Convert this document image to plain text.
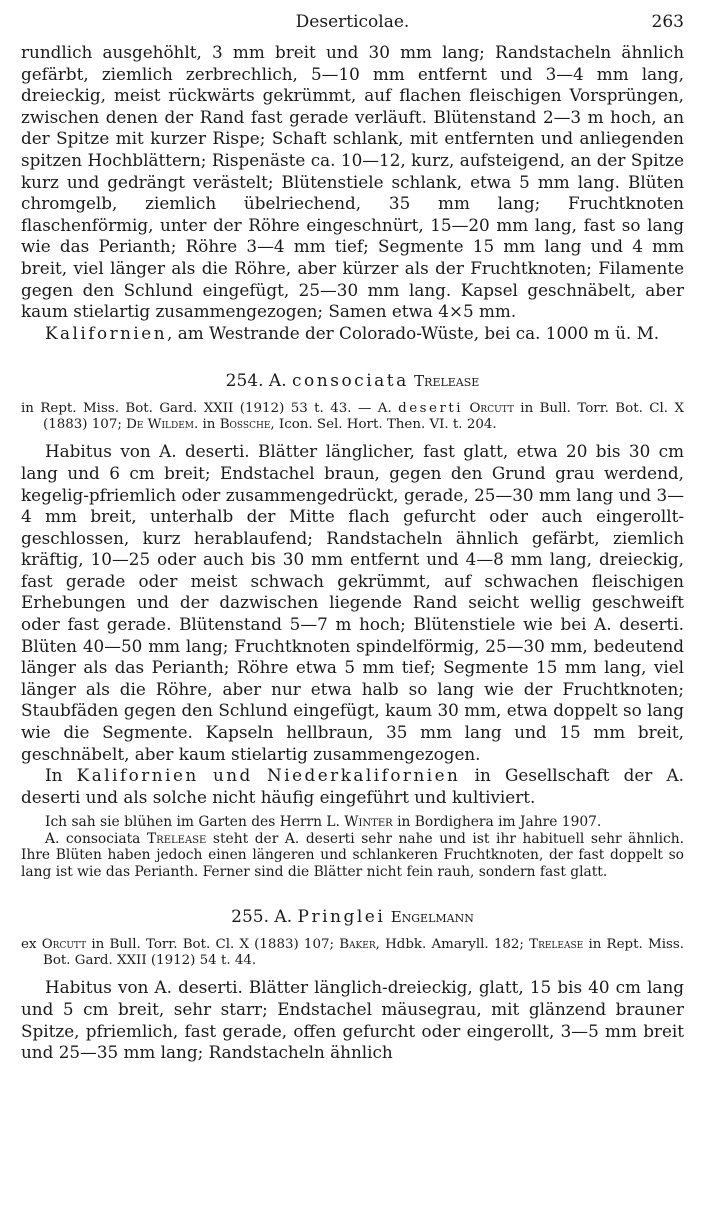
Deserticolae.	263

rundlich ausgehöhlt, 3 mm breit und 30 mm lang; Randstacheln ähnlich gefärbt, ziemlich zerbrechlich, 5—10 mm entfernt und 3—4 mm lang, dreieckig, meist rückwärts gekrümmt, auf flachen fleischigen Vorsprüngen, zwischen denen der Rand fast gerade verläuft. Blütenstand 2—3 m hoch, an der Spitze mit kurzer Rispe; Schaft schlank, mit entfernten und anliegenden spitzen Hochblättern; Rispenäste ca. 10—12, kurz, aufsteigend, an der Spitze kurz und gedrängt verästelt; Blütenstiele schlank, etwa 5 mm lang. Blüten chromgelb, ziemlich übelriechend, 35 mm lang; Fruchtknoten flaschenförmig, unter der Röhre eingeschnürt, 15—20 mm lang, fast so lang wie das Perianth; Röhre 3—4 mm tief; Segmente 15 mm lang und 4 mm breit, viel länger als die Röhre, aber kürzer als der Fruchtknoten; Filamente gegen den Schlund eingefügt, 25—30 mm lang. Kapsel geschnäbelt, aber kaum stielartig zusammengezogen; Samen etwa 4×5 mm.

Kalifornien, am Westrande der Colorado-Wüste, bei ca. 1000 m ü. M.

254. A. consociata Trelease

in Rept. Miss. Bot. Gard. XXII (1912) 53 t. 43. — A. deserti Orcutt in Bull. Torr. Bot. Cl. X (1883) 107; De Wildem. in Bossche, Icon. Sel. Hort. Then. VI. t. 204.

Habitus von A. deserti. Blätter länglicher, fast glatt, etwa 20 bis 30 cm lang und 6 cm breit; Endstachel braun, gegen den Grund grau werdend, kegelig-pfriemlich oder zusammengedrückt, gerade, 25—30 mm lang und 3—4 mm breit, unterhalb der Mitte flach gefurcht oder auch eingerollt-geschlossen, kurz herablaufend; Randstacheln ähnlich gefärbt, ziemlich kräftig, 10—25 oder auch bis 30 mm entfernt und 4—8 mm lang, dreieckig, fast gerade oder meist schwach gekrümmt, auf schwachen fleischigen Erhebungen und der dazwischen liegende Rand seicht wellig geschweift oder fast gerade. Blütenstand 5—7 m hoch; Blütenstiele wie bei A. deserti. Blüten 40—50 mm lang; Fruchtknoten spindelförmig, 25—30 mm, bedeutend länger als das Perianth; Röhre etwa 5 mm tief; Segmente 15 mm lang, viel länger als die Röhre, aber nur etwa halb so lang wie der Fruchtknoten; Staubfäden gegen den Schlund eingefügt, kaum 30 mm, etwa doppelt so lang wie die Segmente. Kapseln hellbraun, 35 mm lang und 15 mm breit, geschnäbelt, aber kaum stielartig zusammengezogen.

In Kalifornien und Niederkalifornien in Gesellschaft der A. deserti und als solche nicht häufig eingeführt und kultiviert.

Ich sah sie blühen im Garten des Herrn L. Winter in Bordighera im Jahre 1907.

A. consociata Trelease steht der A. deserti sehr nahe und ist ihr habituell sehr ähnlich. Ihre Blüten haben jedoch einen längeren und schlankeren Fruchtknoten, der fast doppelt so lang ist wie das Perianth. Ferner sind die Blätter nicht fein rauh, sondern fast glatt.

255. A. Pringlei Engelmann

ex Orcutt in Bull. Torr. Bot. Cl. X (1883) 107; Baker, Hdbk. Amaryll. 182; Trelease in Rept. Miss. Bot. Gard. XXII (1912) 54 t. 44.

Habitus von A. deserti. Blätter länglich-dreieckig, glatt, 15 bis 40 cm lang und 5 cm breit, sehr starr; Endstachel mäusegrau, mit glänzend brauner Spitze, pfriemlich, fast gerade, offen gefurcht oder eingerollt, 3—5 mm breit und 25—35 mm lang; Randstacheln ähnlich
